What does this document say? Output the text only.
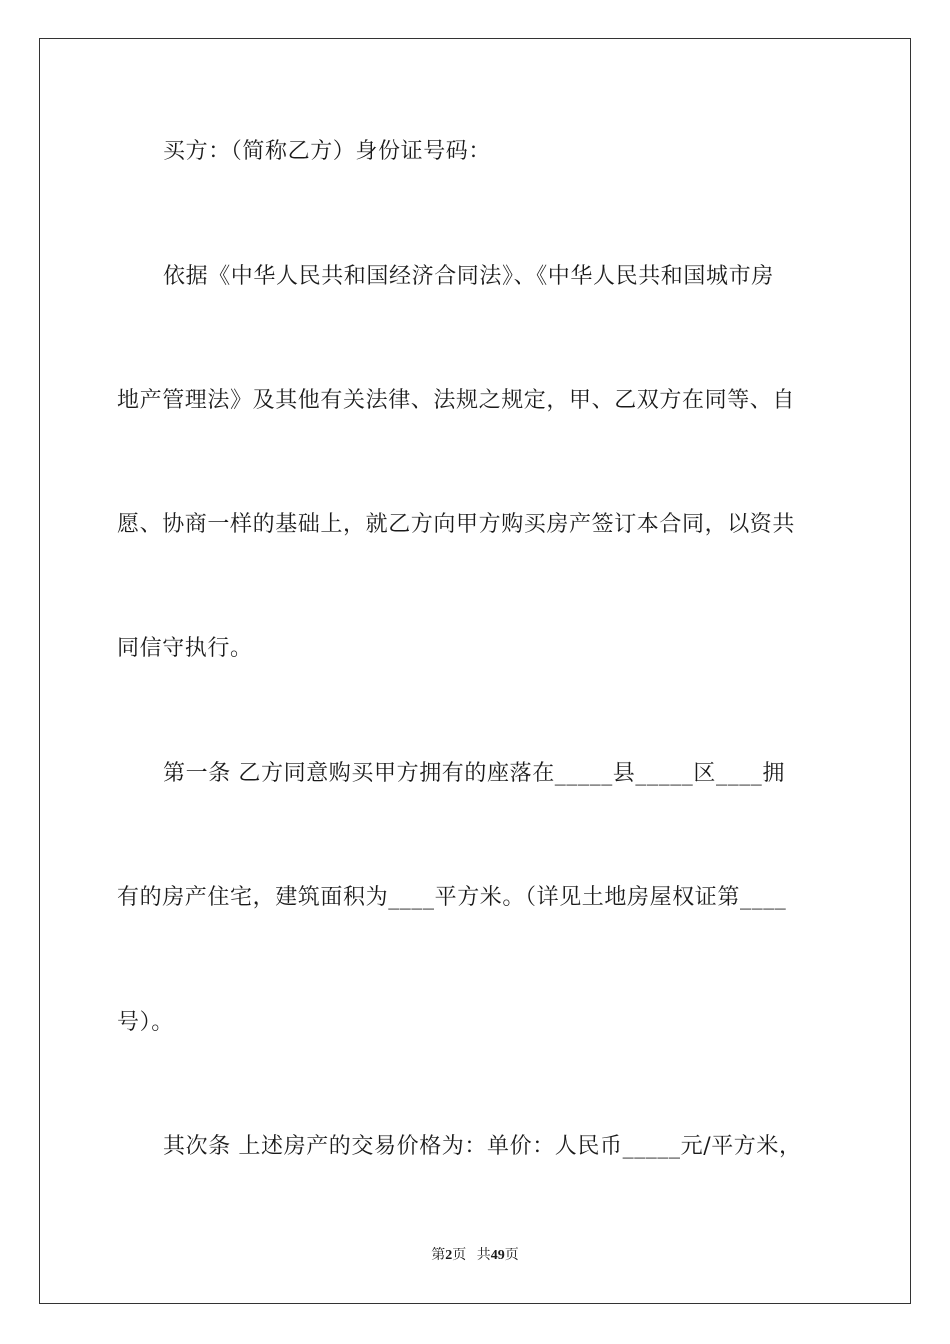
买方：（简称乙方）身份证号码：
依据《中华人民共和国经济合同法》、《中华人民共和国城市房
地产管理法》及其他有关法律、法规之规定，甲、乙双方在同等、自
愿、协商一样的基础上，就乙方向甲方购买房产签订本合同，以资共
同信守执行。
第一条 乙方同意购买甲方拥有的座落在_____县_____区____拥
有的房产住宅，建筑面积为____平方米。（详见土地房屋权证第____
号）。
其次条 上述房产的交易价格为：单价：人民币_____元/平方米，
第2页 共49页
